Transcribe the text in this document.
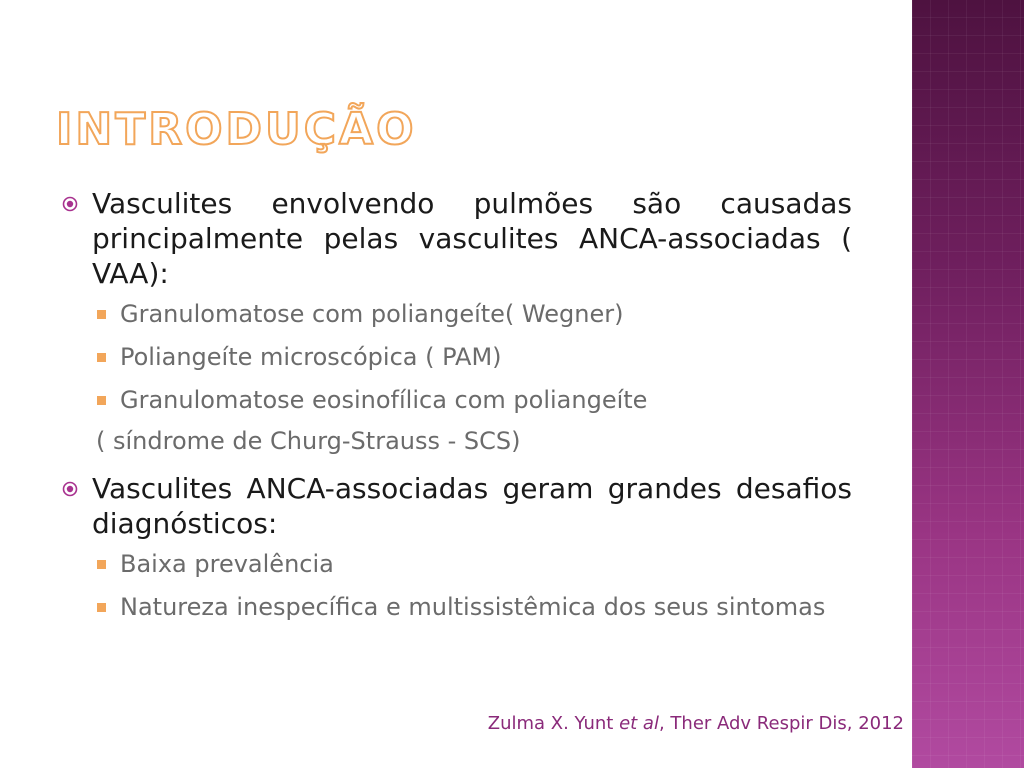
INTRODUÇÃO

Vasculites envolvendo pulmões são causadas principalmente pelas vasculites ANCA-associadas ( VAA):

Granulomatose com poliangeíte( Wegner)
Poliangeíte microscópica ( PAM)
Granulomatose eosinofílica com poliangeíte
( síndrome de Churg-Strauss - SCS)

Vasculites ANCA-associadas geram grandes desafios diagnósticos:

Baixa prevalência
Natureza inespecífica e multissistêmica dos seus sintomas
Zulma X. Yunt et al, Ther Adv Respir Dis, 2012
